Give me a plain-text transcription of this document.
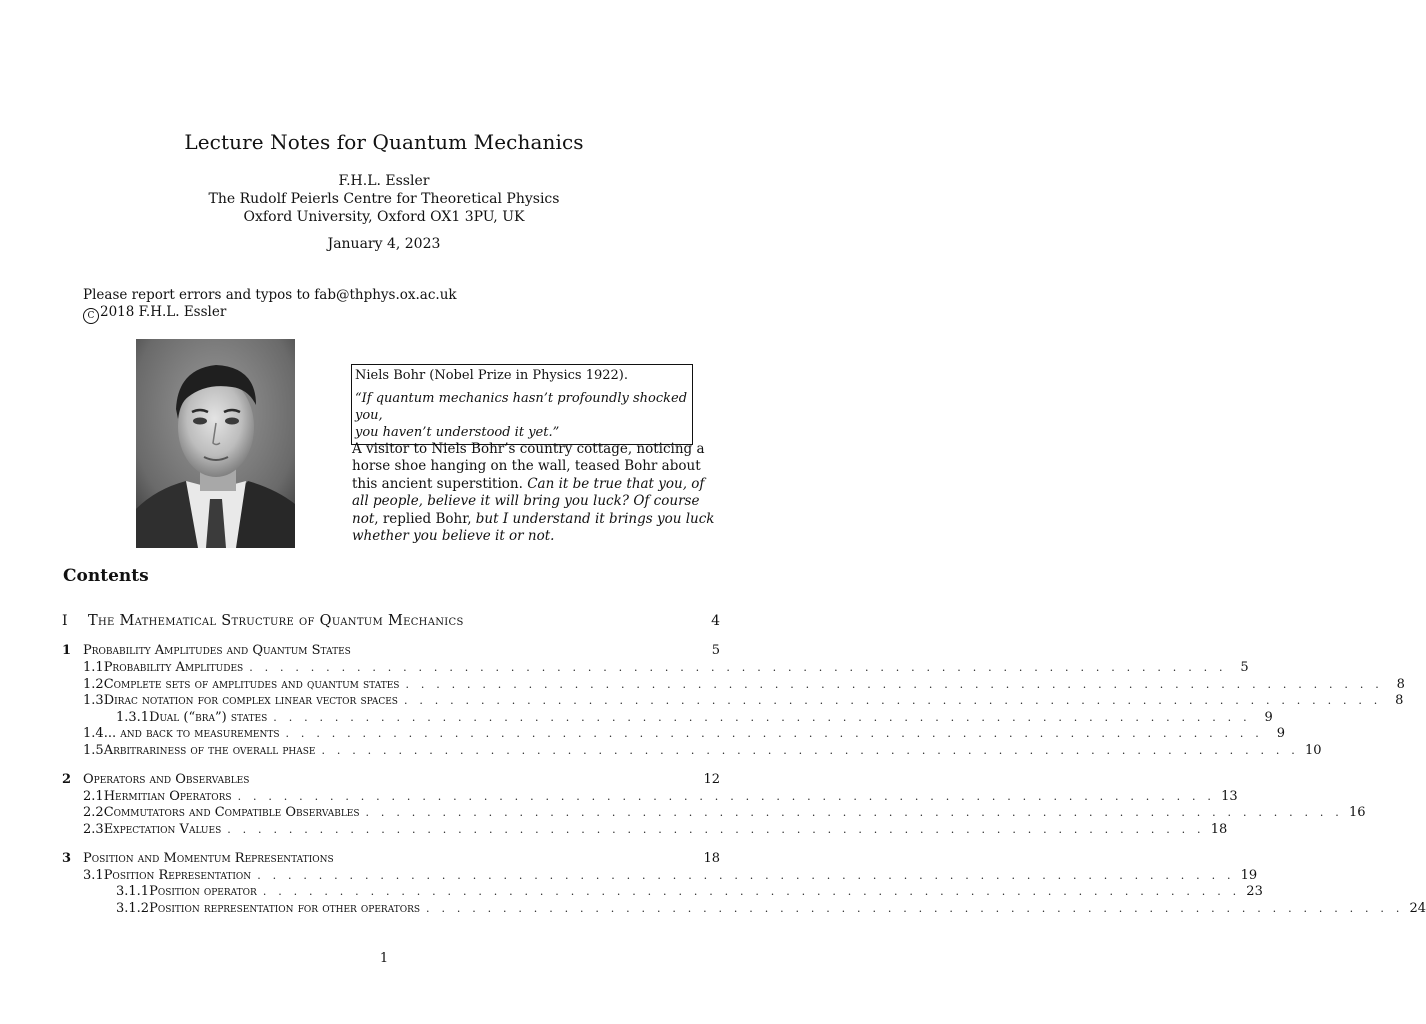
Lecture Notes for Quantum Mechanics
F.H.L. Essler
The Rudolf Peierls Centre for Theoretical Physics
Oxford University, Oxford OX1 3PU, UK
January 4, 2023
Please report errors and typos to fab@thphys.ox.ac.uk
C 2018 F.H.L. Essler
Niels Bohr (Nobel Prize in Physics 1922).
“If quantum mechanics hasn’t profoundly shocked you,
you haven’t understood it yet.”
A visitor to Niels Bohr’s country cottage, noticing a horse shoe hanging on the wall, teased Bohr about this ancient superstition. Can it be true that you, of all people, believe it will bring you luck? Of course not, replied Bohr, but I understand it brings you luck whether you believe it or not.
Contents
I	The Mathematical Structure of Quantum Mechanics	4
1 Probability Amplitudes and Quantum States	5
1.1 Probability Amplitudes . . . . . . . . . . . . . . . . . . . . . . . . . . . . . . . . . . . . . . . . . . . . . . . . . . . . . . . . . . . . . . . .	5
1.2 Complete sets of amplitudes and quantum states . . . . . . . . . . . . . . . . . . . . . . . . . . . . . . . . . . . . . . . . . . . . . . . . . . . . . . . . . . . . . . . .	8
1.3 Dirac notation for complex linear vector spaces . . . . . . . . . . . . . . . . . . . . . . . . . . . . . . . . . . . . . . . . . . . . . . . . . . . . . . . . . . . . . . . .	8
1.3.1 Dual (“bra”) states . . . . . . . . . . . . . . . . . . . . . . . . . . . . . . . . . . . . . . . . . . . . . . . . . . . . . . . . . . . . . . . .	9
1.4 ... and back to measurements . . . . . . . . . . . . . . . . . . . . . . . . . . . . . . . . . . . . . . . . . . . . . . . . . . . . . . . . . . . . . . . .	9
1.5 Arbitrariness of the overall phase . . . . . . . . . . . . . . . . . . . . . . . . . . . . . . . . . . . . . . . . . . . . . . . . . . . . . . . . . . . . . . . . 10
2 Operators and Observables	12
2.1 Hermitian Operators . . . . . . . . . . . . . . . . . . . . . . . . . . . . . . . . . . . . . . . . . . . . . . . . . . . . . . . . . . . . . . . . 13
2.2 Commutators and Compatible Observables . . . . . . . . . . . . . . . . . . . . . . . . . . . . . . . . . . . . . . . . . . . . . . . . . . . . . . . . . . . . . . . . 16
2.3 Expectation Values . . . . . . . . . . . . . . . . . . . . . . . . . . . . . . . . . . . . . . . . . . . . . . . . . . . . . . . . . . . . . . . . 18
3 Position and Momentum Representations	18
3.1 Position Representation . . . . . . . . . . . . . . . . . . . . . . . . . . . . . . . . . . . . . . . . . . . . . . . . . . . . . . . . . . . . . . . . 19
3.1.1 Position operator . . . . . . . . . . . . . . . . . . . . . . . . . . . . . . . . . . . . . . . . . . . . . . . . . . . . . . . . . . . . . . . . 23
3.1.2 Position representation for other operators . . . . . . . . . . . . . . . . . . . . . . . . . . . . . . . . . . . . . . . . . . . . . . . . . . . . . . . . . . . . . . . . 24
1
